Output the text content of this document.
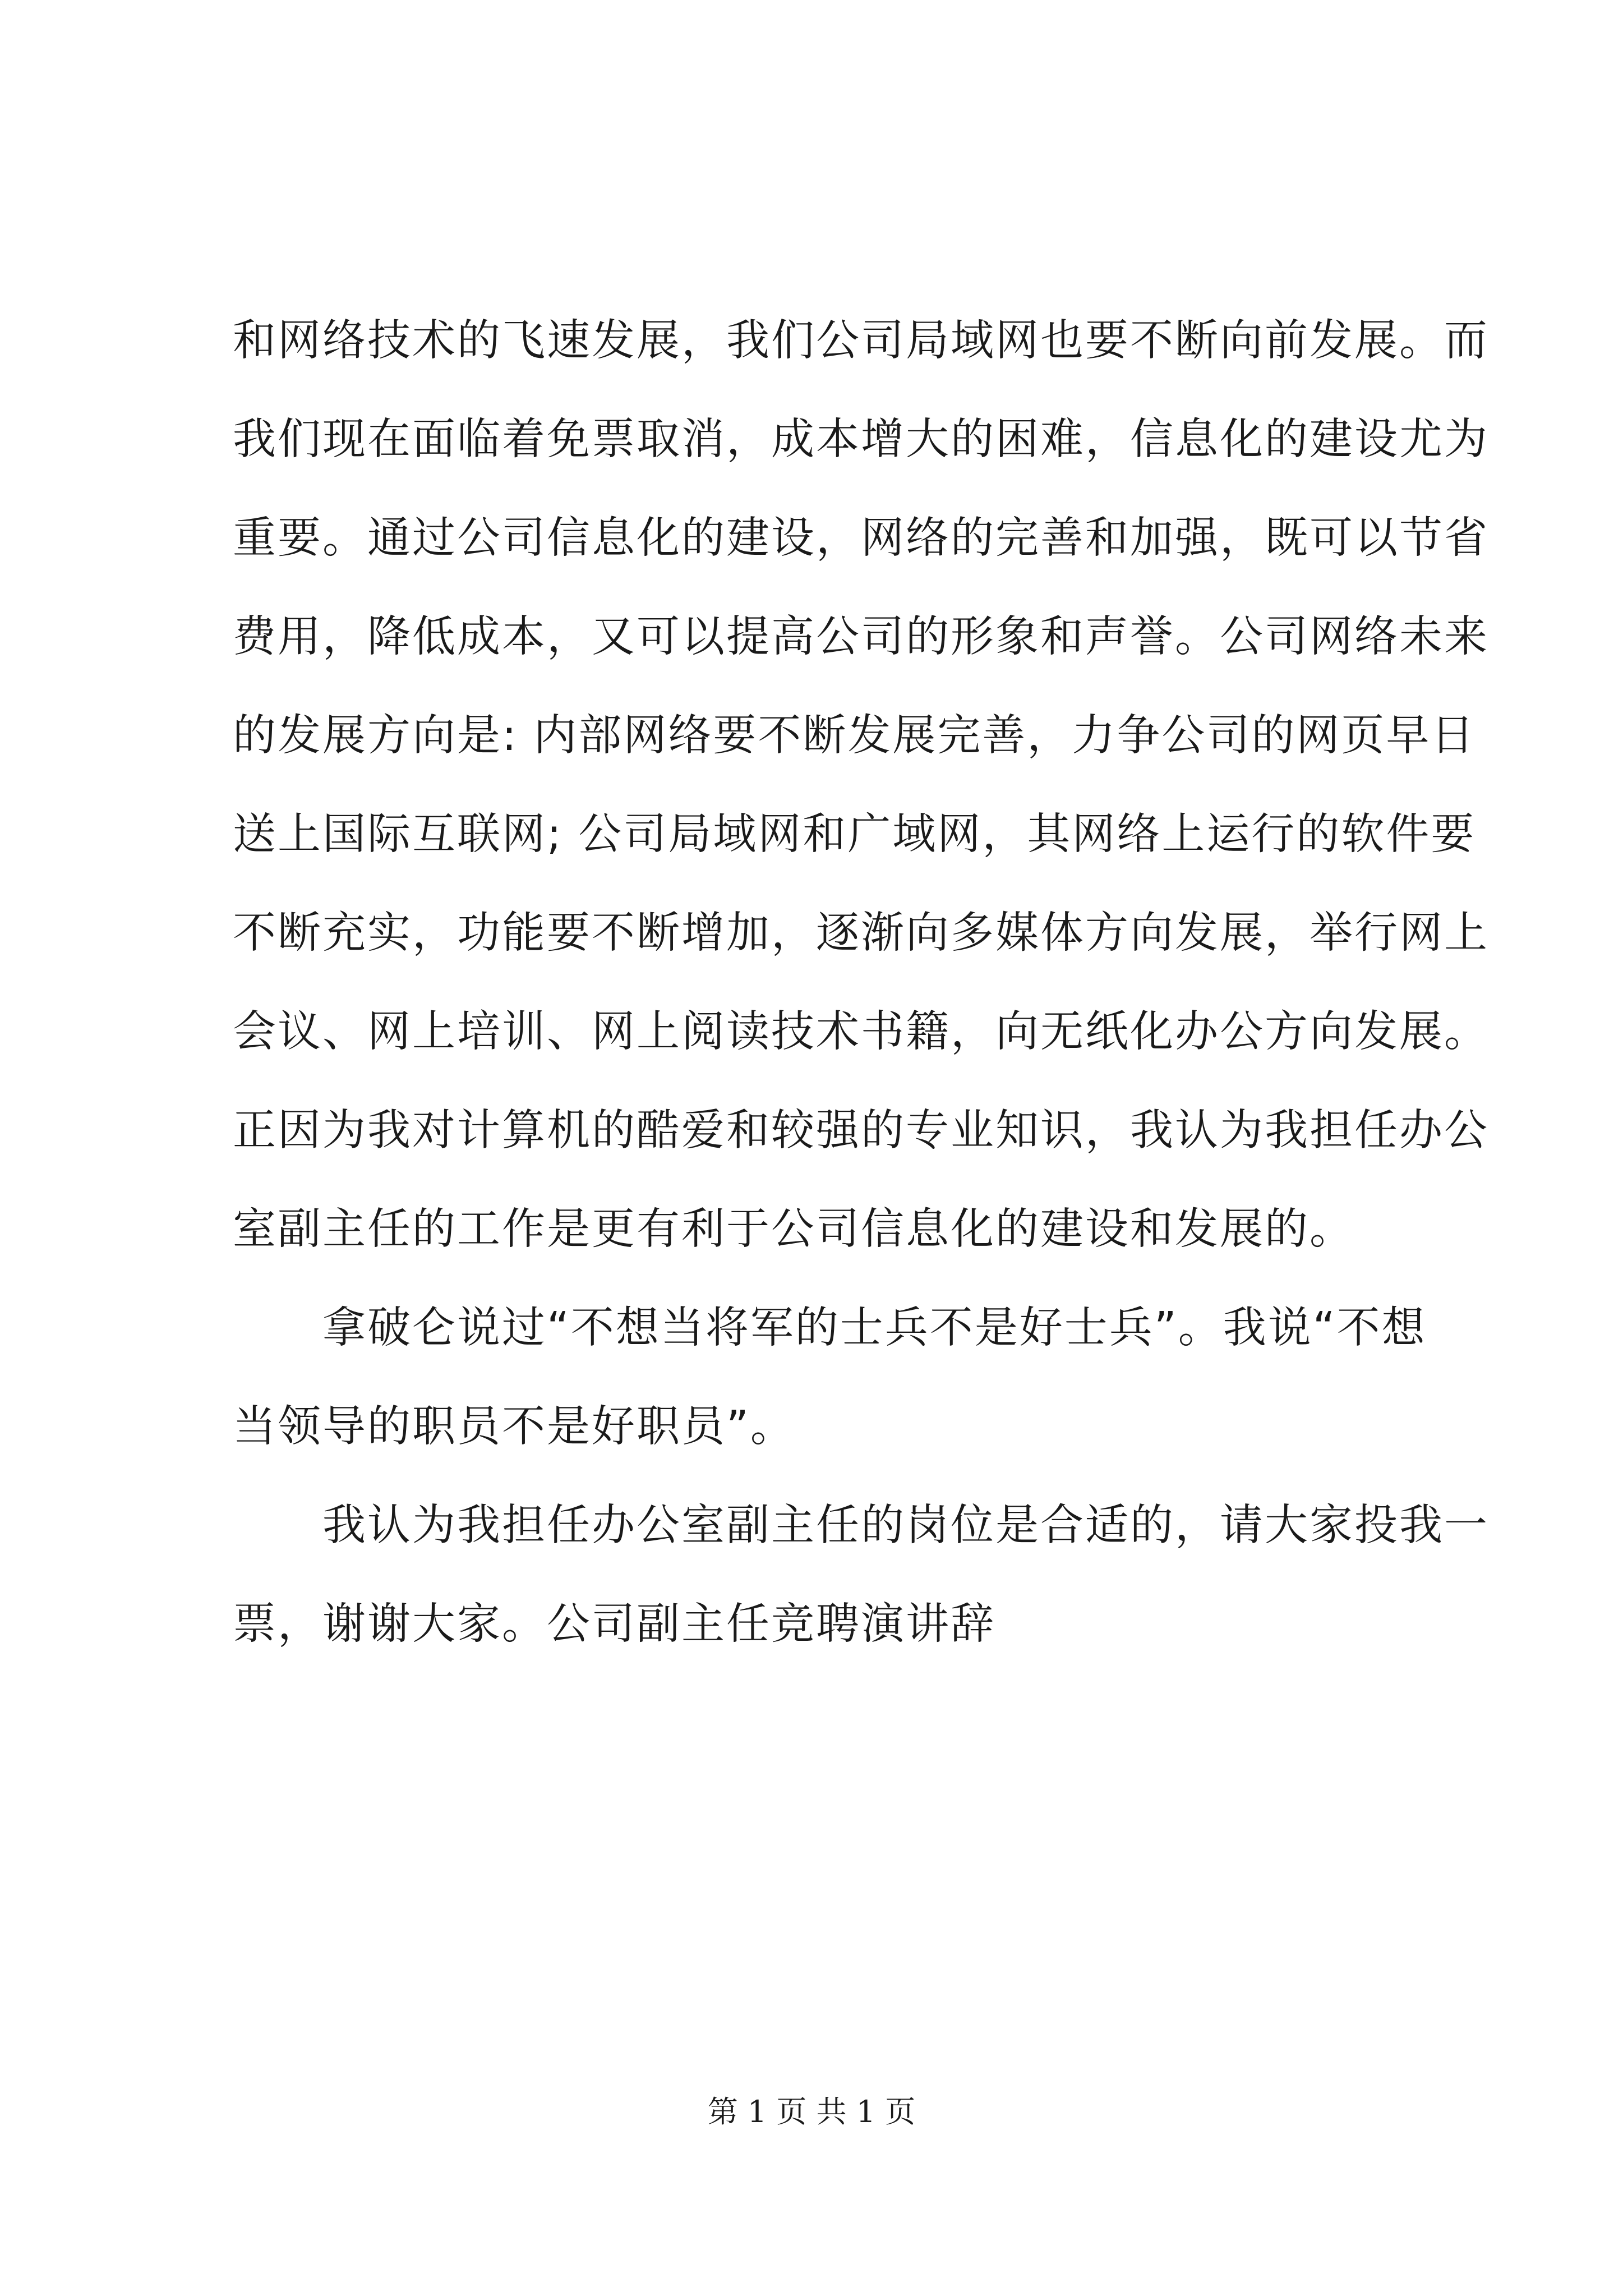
和网络技术的飞速发展，我们公司局域网也要不断向前发展。而
我们现在面临着免票取消，成本增大的困难，信息化的建设尤为
重要。通过公司信息化的建设，网络的完善和加强，既可以节省
费用，降低成本，又可以提高公司的形象和声誉。公司网络未来
的发展方向是: 内部网络要不断发展完善，力争公司的网页早日
送上国际互联网; 公司局域网和广域网，其网络上运行的软件要
不断充实，功能要不断增加，逐渐向多媒体方向发展，举行网上
会议、网上培训、网上阅读技术书籍，向无纸化办公方向发展。
正因为我对计算机的酷爱和较强的专业知识，我认为我担任办公
室副主任的工作是更有利于公司信息化的建设和发展的。
拿破仑说过“不想当将军的士兵不是好士兵”。我说“不想
当领导的职员不是好职员”。
我认为我担任办公室副主任的岗位是合适的，请大家投我一
票，谢谢大家。公司副主任竞聘演讲辞
第 1 页 共 1 页
